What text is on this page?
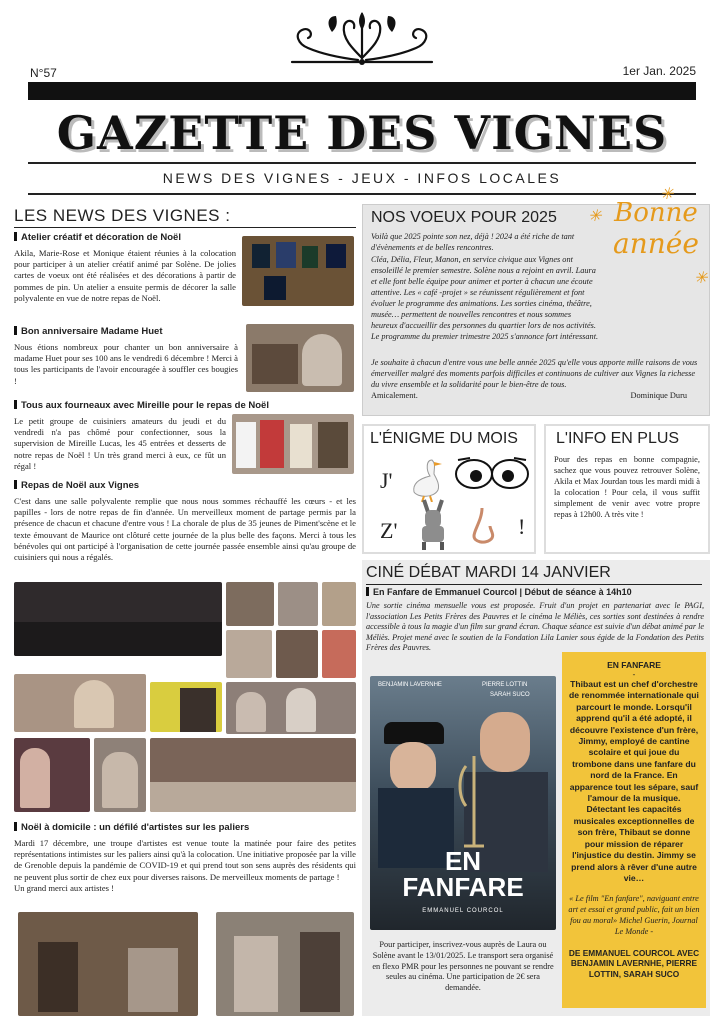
N°57	1er Jan. 2025
GAZETTE DES VIGNES
NEWS DES VIGNES - JEUX - INFOS LOCALES
LES NEWS DES VIGNES :
Atelier créatif et décoration de Noël
Akila, Marie-Rose et Monique étaient réunies à la colocation pour participer à un atelier créatif animé par Solène. De jolies cartes de voeux ont été réalisées et des décorations à partir de pommes de pin. Un atelier a ensuite permis de décorer la salle polyvalente en vue de notre repas de Noël.
Bon anniversaire Madame Huet
Nous étions nombreux pour chanter un bon anniversaire à madame Huet pour ses 100 ans le vendredi 6 décembre ! Merci à tous les participants de l'avoir encouragée à souffler ces bougies !
Tous aux fourneaux avec Mireille pour le repas de Noël
Le petit groupe de cuisiniers amateurs du jeudi et du vendredi n'a pas chômé pour confectionner, sous la supervision de Mireille Lucas, les 45 entrées et desserts de notre repas de Noël ! Un très grand merci à eux, ce fût un régal !
Repas de Noël aux Vignes
C'est dans une salle polyvalente remplie que nous nous sommes réchauffé les cœurs - et les papilles - lors de notre repas de fin d'année. Un merveilleux moment de partage permis par la présence de chacun et chacune d'entre vous ! La chorale de plus de 35 jeunes de Piment'scène et le texte émouvant de Maurice ont clôturé cette journée de la plus belle des façons. Merci à tous les bénévoles qui ont participé à l'organisation de cette journée passée ensemble ainsi qu'au groupe de cuisiniers qui nous a régalés.
Noël à domicile : un défilé d'artistes sur les paliers
Mardi 17 décembre, une troupe d'artistes est venue toute la matinée pour faire des petites représentations intimistes sur les paliers ainsi qu'à la colocation. Une initiative proposée par la ville de Grenoble depuis la pandémie de COVID-19 et qui prend tout son sens auprès des résidents qui ne peuvent plus sortir de chez eux pour diverses raisons. De merveilleux moments de partage !
Un grand merci aux artistes !
NOS VOEUX POUR 2025
Voilà que 2025 pointe son nez, déjà ! 2024 a été riche de tant d'évènements et de belles rencontres.
Cléa, Délia, Fleur, Manon, en service civique aux Vignes ont ensoleillé le premier semestre. Solène nous a rejoint en avril. Laura et elle font belle équipe pour animer et porter à chacun une écoute attentive. Les « café -projet » se réunissent régulièrement et font évoluer le programme des animations. Les sorties cinéma, théâtre, musée… permettent de nouvelles rencontres et nous sommes heureux d'accueillir des personnes du quartier lors de nos activités. Le programme du premier trimestre 2025 s'annonce fort intéressant.
Je souhaite à chacun d'entre vous une belle année 2025 qu'elle vous apporte mille raisons de vous émerveiller malgré des moments parfois difficiles et continuons de cultiver aux Vignes la richesse du vivre ensemble et la solidarité pour le bien-être de tous.
Amicalement.	Dominique Duru
✳
✳
✳
Bonne
année
L'ÉNIGME DU MOIS
J'
Z'	!
L'INFO EN PLUS
Pour des repas en bonne compagnie, sachez que vous pouvez retrouver Solène, Akila et Max Jourdan tous les mardi midi à la colocation ! Pour cela, il vous suffit simplement de venir avec votre propre repas à 12h00. A très vite !
CINÉ DÉBAT MARDI 14 JANVIER
En Fanfare de Emmanuel Courcol | Début de séance à 14h10
Une sortie cinéma mensuelle vous est proposée. Fruit d'un projet en partenariat avec le PAGI, l'association Les Petits Frères des Pauvres et le cinéma le Méliès, ces sorties sont destinées à rendre accessible à tous la magie d'un film sur grand écran. Chaque séance est suivie d'un débat animé par le Méliès. Projet mené avec le soutien de la Fondation Lila Lanier sous égide de la Fondation des Petits Frères des Pauvres.
BENJAMIN LAVERNHE	PIERRE LOTTIN
SARAH SUCO
EN
FANFARE
EMMANUEL COURCOL
Pour participer, inscrivez-vous auprès de Laura ou Solène avant le 13/01/2025. Le transport sera organisé en flexo PMR pour les personnes ne pouvant se rendre seules au cinéma. Une participation de 2€ sera demandée.
EN FANFARE
-
Thibaut est un chef d'orchestre de renommée internationale qui parcourt le monde. Lorsqu'il apprend qu'il a été adopté, il découvre l'existence d'un frère, Jimmy, employé de cantine scolaire et qui joue du trombone dans une fanfare du nord de la France. En apparence tout les sépare, sauf l'amour de la musique. Détectant les capacités musicales exceptionnelles de son frère, Thibaut se donne pour mission de réparer l'injustice du destin. Jimmy se prend alors à rêver d'une autre vie…
« Le film "En fanfare", naviguant entre art et essai et grand public, fait un bien fou au moral» Michel Guerin, Journal Le Monde -
DE EMMANUEL COURCOL AVEC BENJAMIN LAVERNHE, PIERRE LOTTIN, SARAH SUCO
